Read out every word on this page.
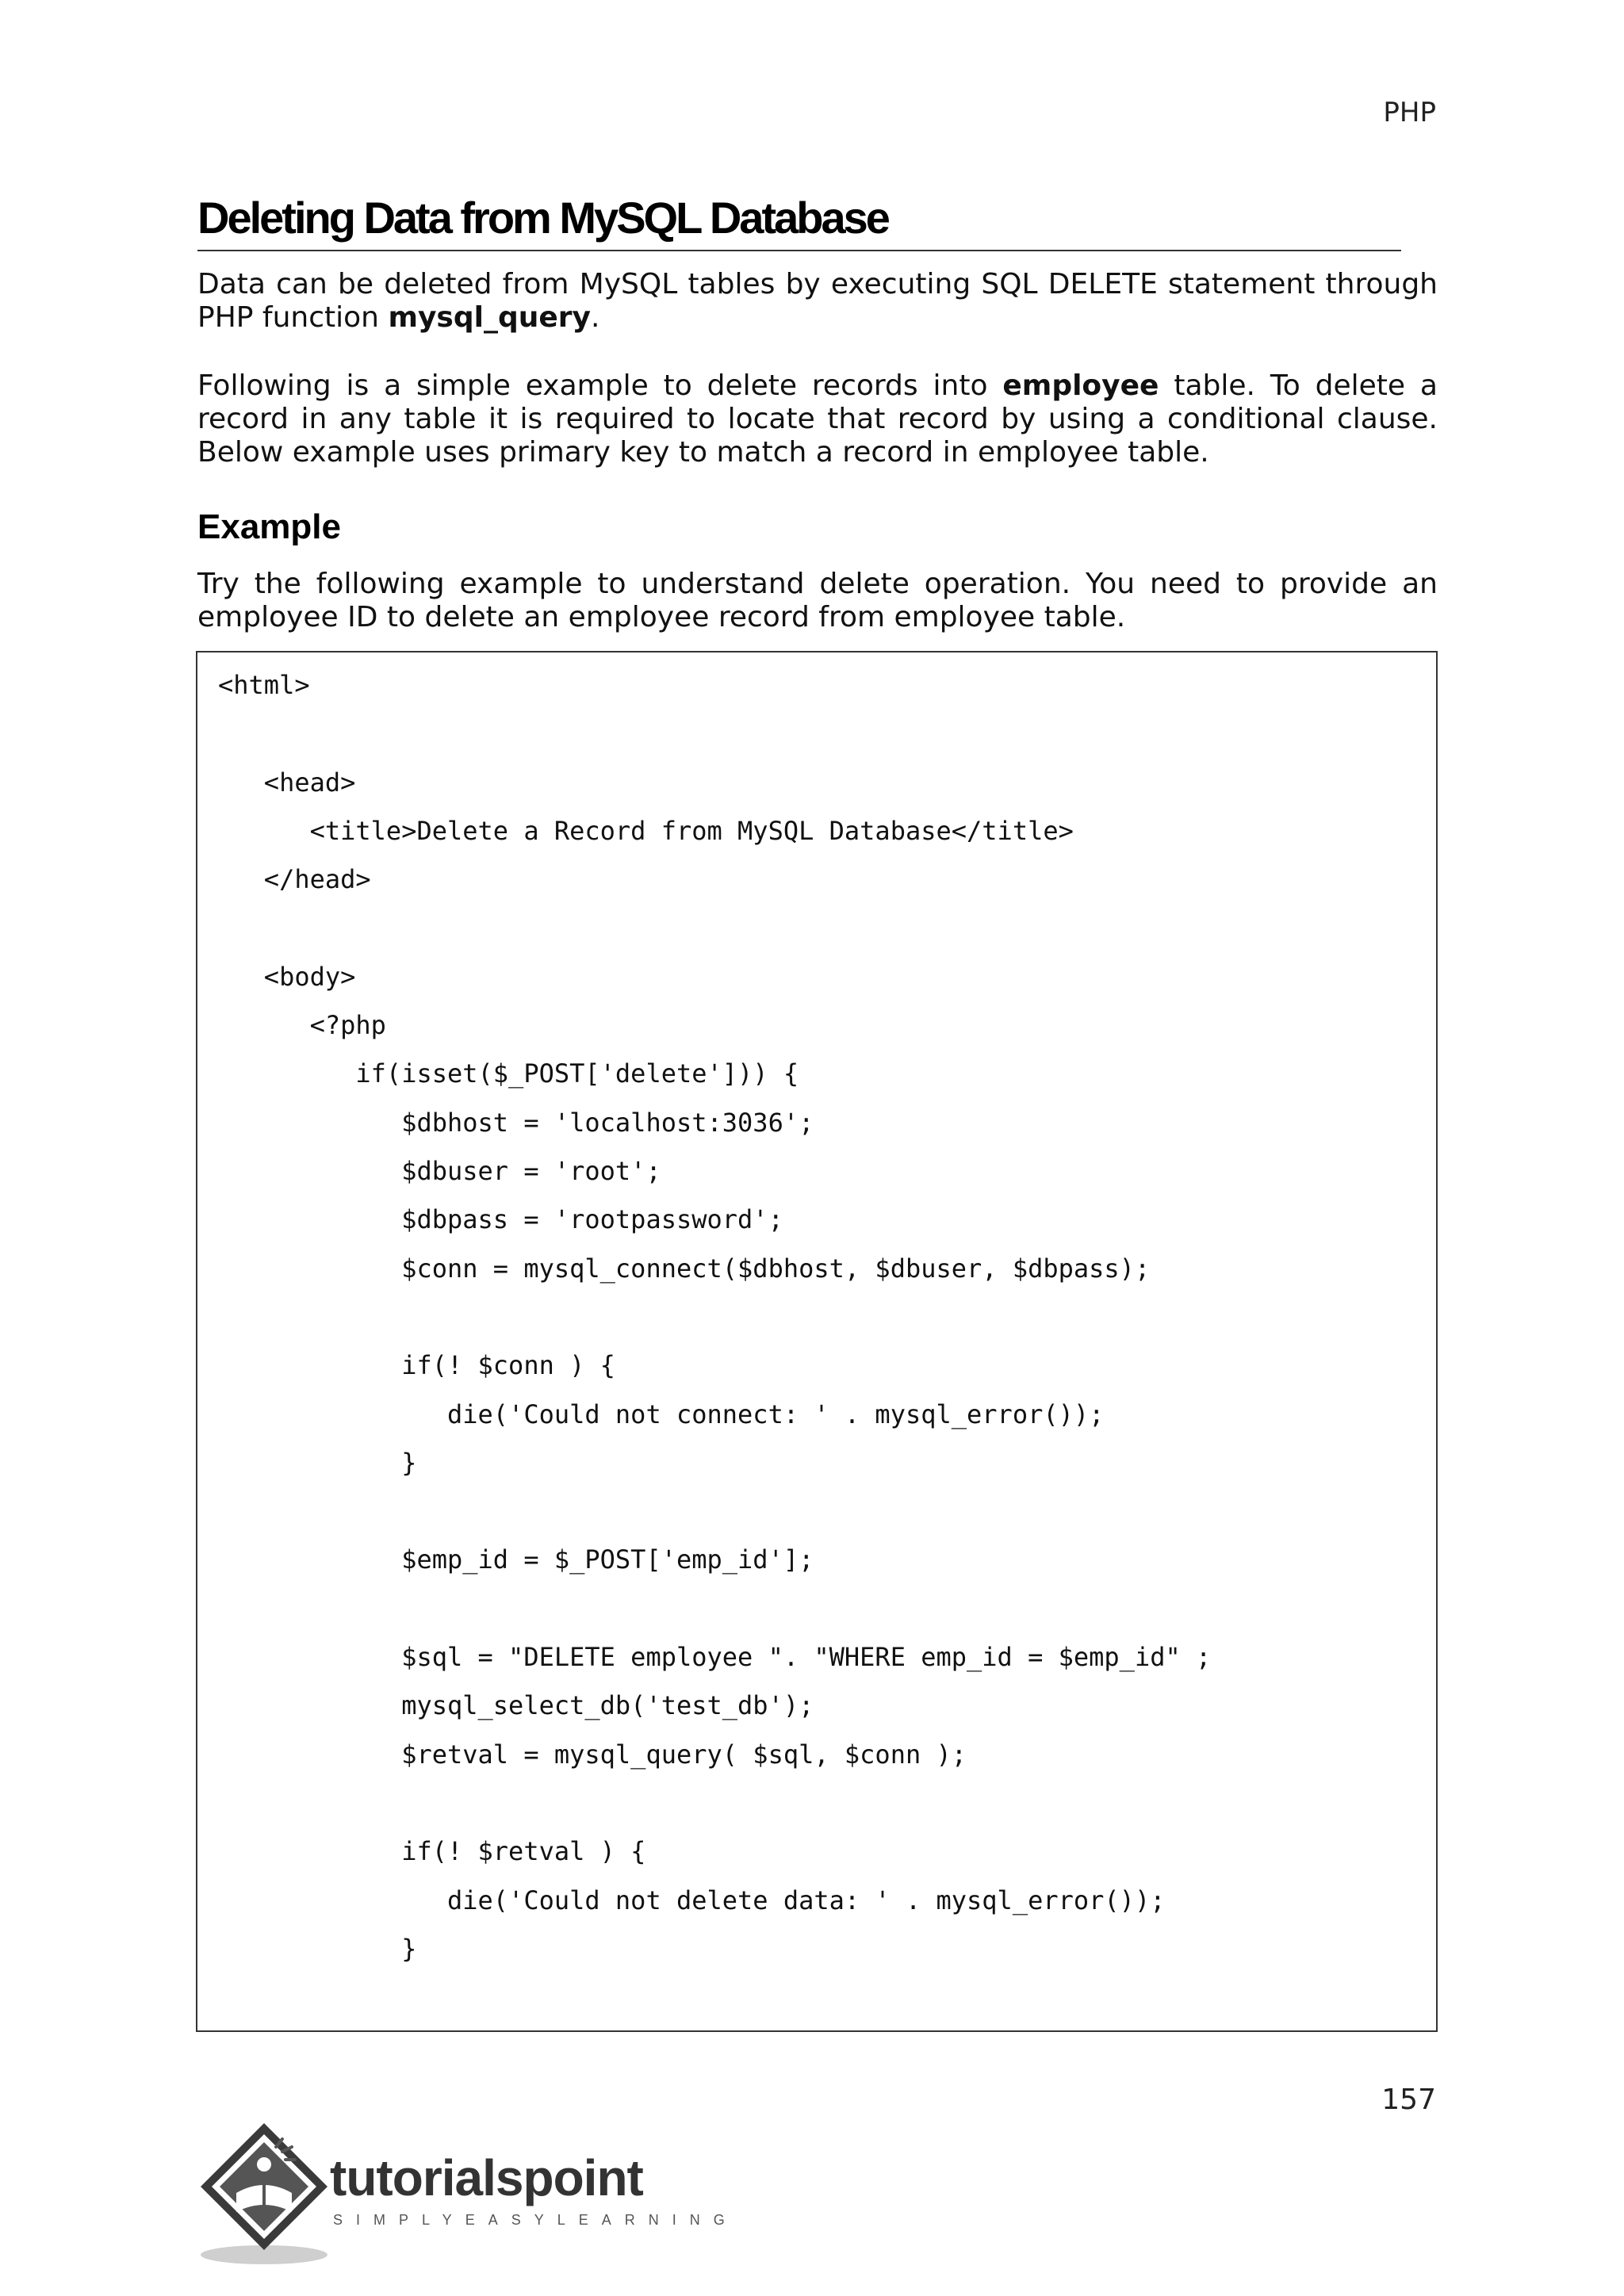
PHP
Deleting Data from MySQL Database
Data can be deleted from MySQL tables by executing SQL DELETE statement through PHP function mysql_query.
Following is a simple example to delete records into employee table. To delete a record in any table it is required to locate that record by using a conditional clause. Below example uses primary key to match a record in employee table.
Example
Try the following example to understand delete operation. You need to provide an employee ID to delete an employee record from employee table.
<html>
<head>
<title>Delete a Record from MySQL Database</title>
</head>
<body>
<?php
if(isset($_POST['delete'])) {
$dbhost = 'localhost:3036';
$dbuser = 'root';
$dbpass = 'rootpassword';
$conn = mysql_connect($dbhost, $dbuser, $dbpass);
if(! $conn ) {
die('Could not connect: ' . mysql_error());
}
$emp_id = $_POST['emp_id'];
$sql = "DELETE employee ". "WHERE emp_id = $emp_id" ;
mysql_select_db('test_db');
$retval = mysql_query( $sql, $conn );
if(! $retval ) {
die('Could not delete data: ' . mysql_error());
}
157
tutorialspoint
SIMPLYEASYLEARNING
